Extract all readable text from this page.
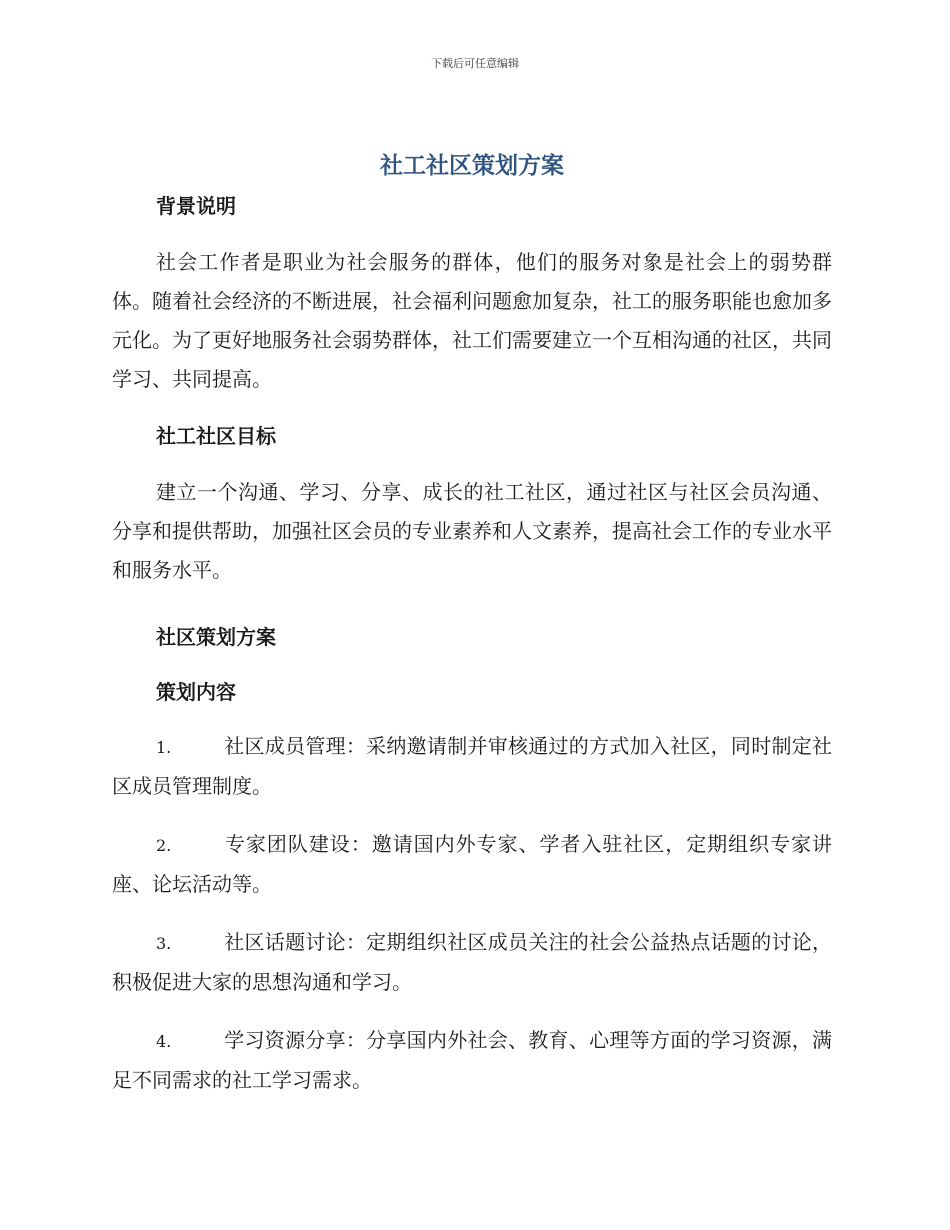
下载后可任意编辑
社工社区策划方案
背景说明

社会工作者是职业为社会服务的群体，他们的服务对象是社会上的弱势群体。随着社会经济的不断进展，社会福利问题愈加复杂，社工的服务职能也愈加多元化。为了更好地服务社会弱势群体，社工们需要建立一个互相沟通的社区，共同学习、共同提高。

社工社区目标

建立一个沟通、学习、分享、成长的社工社区，通过社区与社区会员沟通、分享和提供帮助，加强社区会员的专业素养和人文素养，提高社会工作的专业水平和服务水平。

社区策划方案
策划内容

1.	社区成员管理：采纳邀请制并审核通过的方式加入社区，同时制定社区成员管理制度。

2.	专家团队建设：邀请国内外专家、学者入驻社区，定期组织专家讲座、论坛活动等。

3.	社区话题讨论：定期组织社区成员关注的社会公益热点话题的讨论，积极促进大家的思想沟通和学习。

4.	学习资源分享：分享国内外社会、教育、心理等方面的学习资源，满足不同需求的社工学习需求。
